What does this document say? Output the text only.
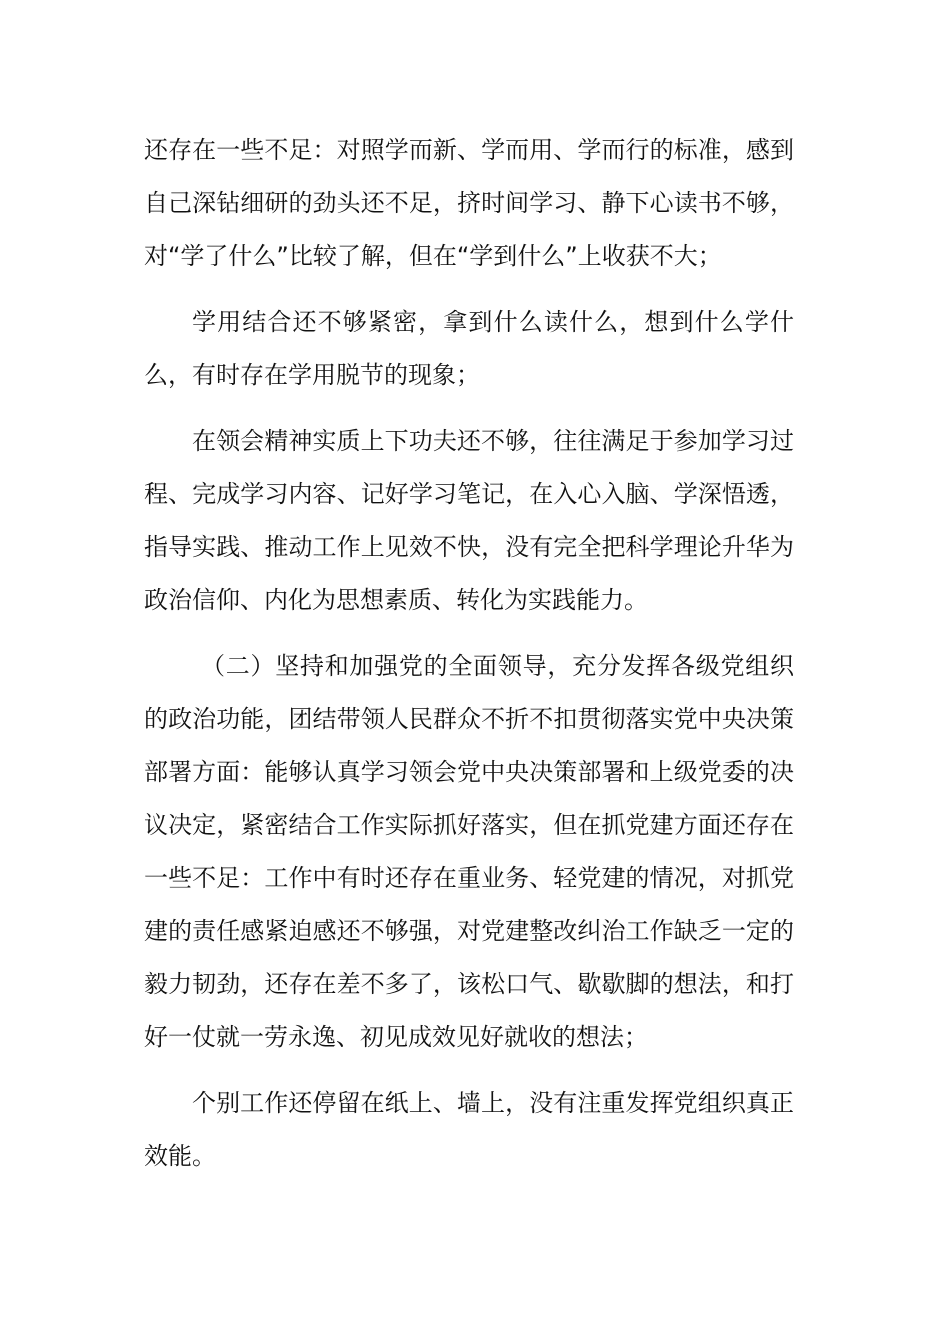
还存在一些不足：对照学而新、学而用、学而行的标准，感到自己深钻细研的劲头还不足，挤时间学习、静下心读书不够，对“学了什么”比较了解，但在“学到什么”上收获不大；

学用结合还不够紧密，拿到什么读什么，想到什么学什么，有时存在学用脱节的现象；

在领会精神实质上下功夫还不够，往往满足于参加学习过程、完成学习内容、记好学习笔记，在入心入脑、学深悟透，指导实践、推动工作上见效不快，没有完全把科学理论升华为政治信仰、内化为思想素质、转化为实践能力。

（二）坚持和加强党的全面领导，充分发挥各级党组织的政治功能，团结带领人民群众不折不扣贯彻落实党中央决策部署方面：能够认真学习领会党中央决策部署和上级党委的决议决定，紧密结合工作实际抓好落实，但在抓党建方面还存在一些不足：工作中有时还存在重业务、轻党建的情况，对抓党建的责任感紧迫感还不够强，对党建整改纠治工作缺乏一定的毅力韧劲，还存在差不多了，该松口气、歇歇脚的想法，和打好一仗就一劳永逸、初见成效见好就收的想法；

个别工作还停留在纸上、墙上，没有注重发挥党组织真正效能。
